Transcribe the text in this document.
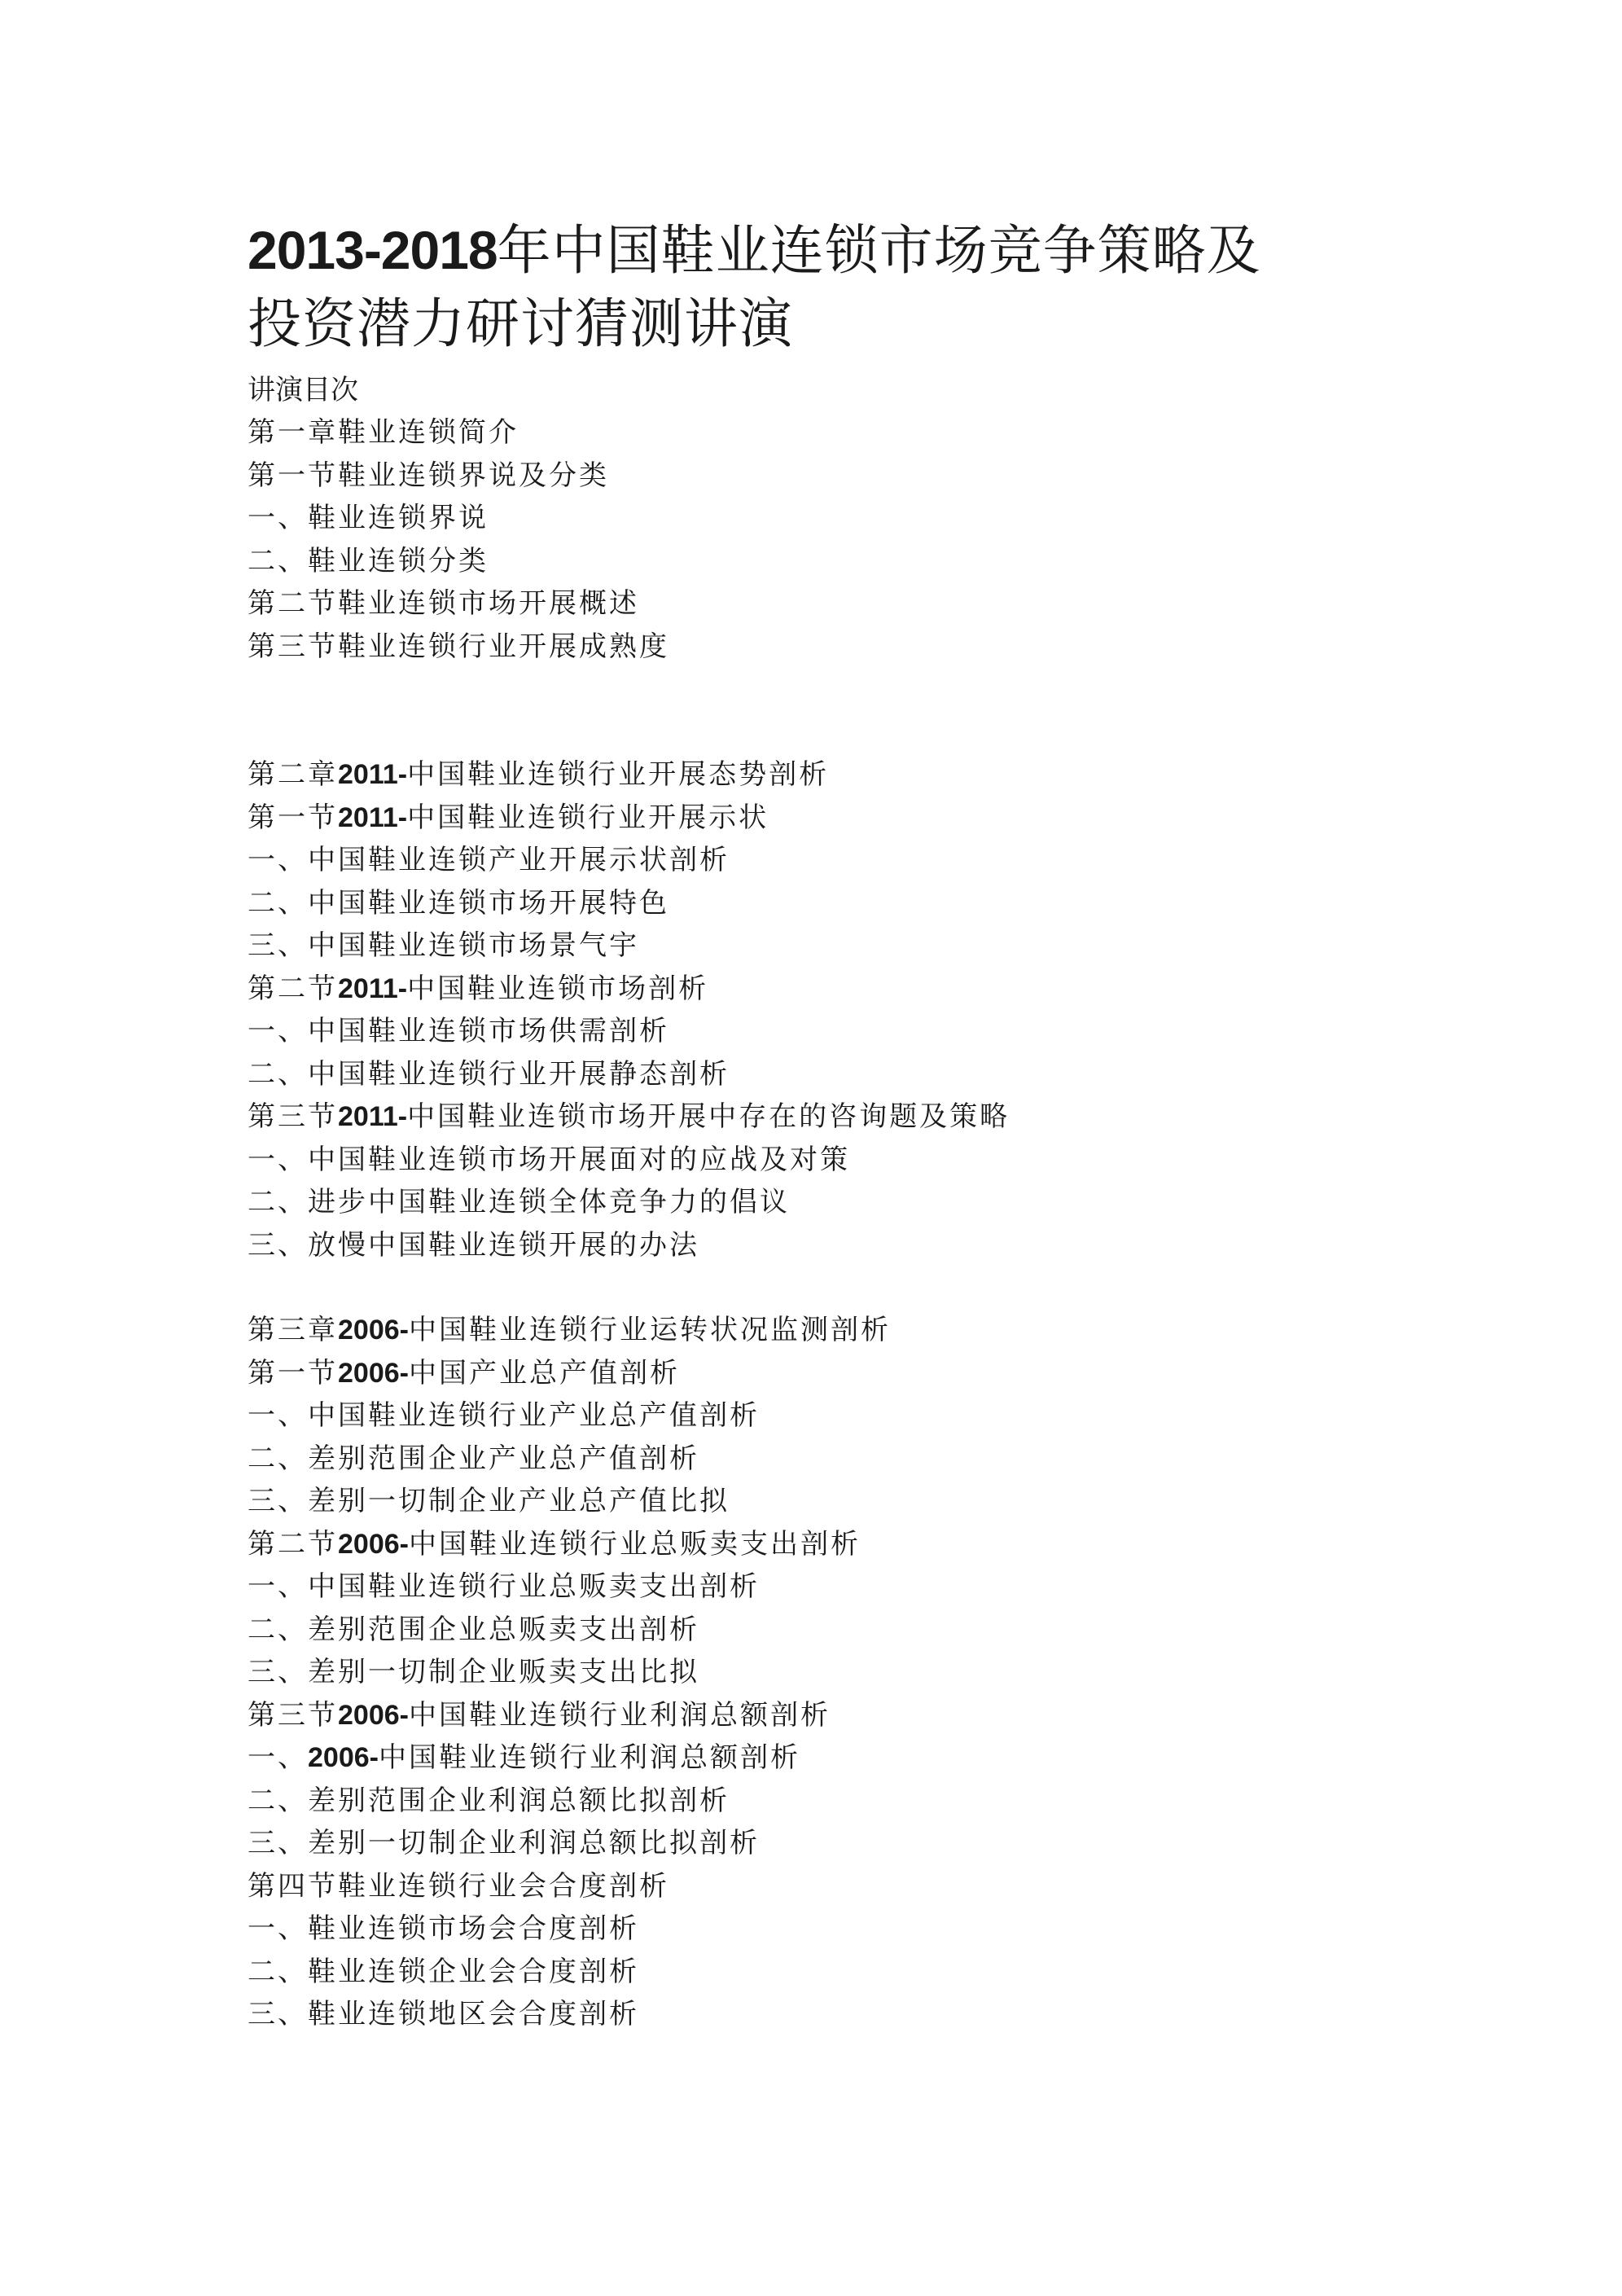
2013-2018年中国鞋业连锁市场竞争策略及
投资潜力研讨猜测讲演
讲演目次
第一章鞋业连锁简介
第一节鞋业连锁界说及分类
一、鞋业连锁界说
二、鞋业连锁分类
第二节鞋业连锁市场开展概述
第三节鞋业连锁行业开展成熟度
第二章2011-中国鞋业连锁行业开展态势剖析
第一节2011-中国鞋业连锁行业开展示状
一、中国鞋业连锁产业开展示状剖析
二、中国鞋业连锁市场开展特色
三、中国鞋业连锁市场景气宇
第二节2011-中国鞋业连锁市场剖析
一、中国鞋业连锁市场供需剖析
二、中国鞋业连锁行业开展静态剖析
第三节2011-中国鞋业连锁市场开展中存在的咨询题及策略
一、中国鞋业连锁市场开展面对的应战及对策
二、进步中国鞋业连锁全体竞争力的倡议
三、放慢中国鞋业连锁开展的办法
第三章2006-中国鞋业连锁行业运转状况监测剖析
第一节2006-中国产业总产值剖析
一、中国鞋业连锁行业产业总产值剖析
二、差别范围企业产业总产值剖析
三、差别一切制企业产业总产值比拟
第二节2006-中国鞋业连锁行业总贩卖支出剖析
一、中国鞋业连锁行业总贩卖支出剖析
二、差别范围企业总贩卖支出剖析
三、差别一切制企业贩卖支出比拟
第三节2006-中国鞋业连锁行业利润总额剖析
一、2006-中国鞋业连锁行业利润总额剖析
二、差别范围企业利润总额比拟剖析
三、差别一切制企业利润总额比拟剖析
第四节鞋业连锁行业会合度剖析
一、鞋业连锁市场会合度剖析
二、鞋业连锁企业会合度剖析
三、鞋业连锁地区会合度剖析
